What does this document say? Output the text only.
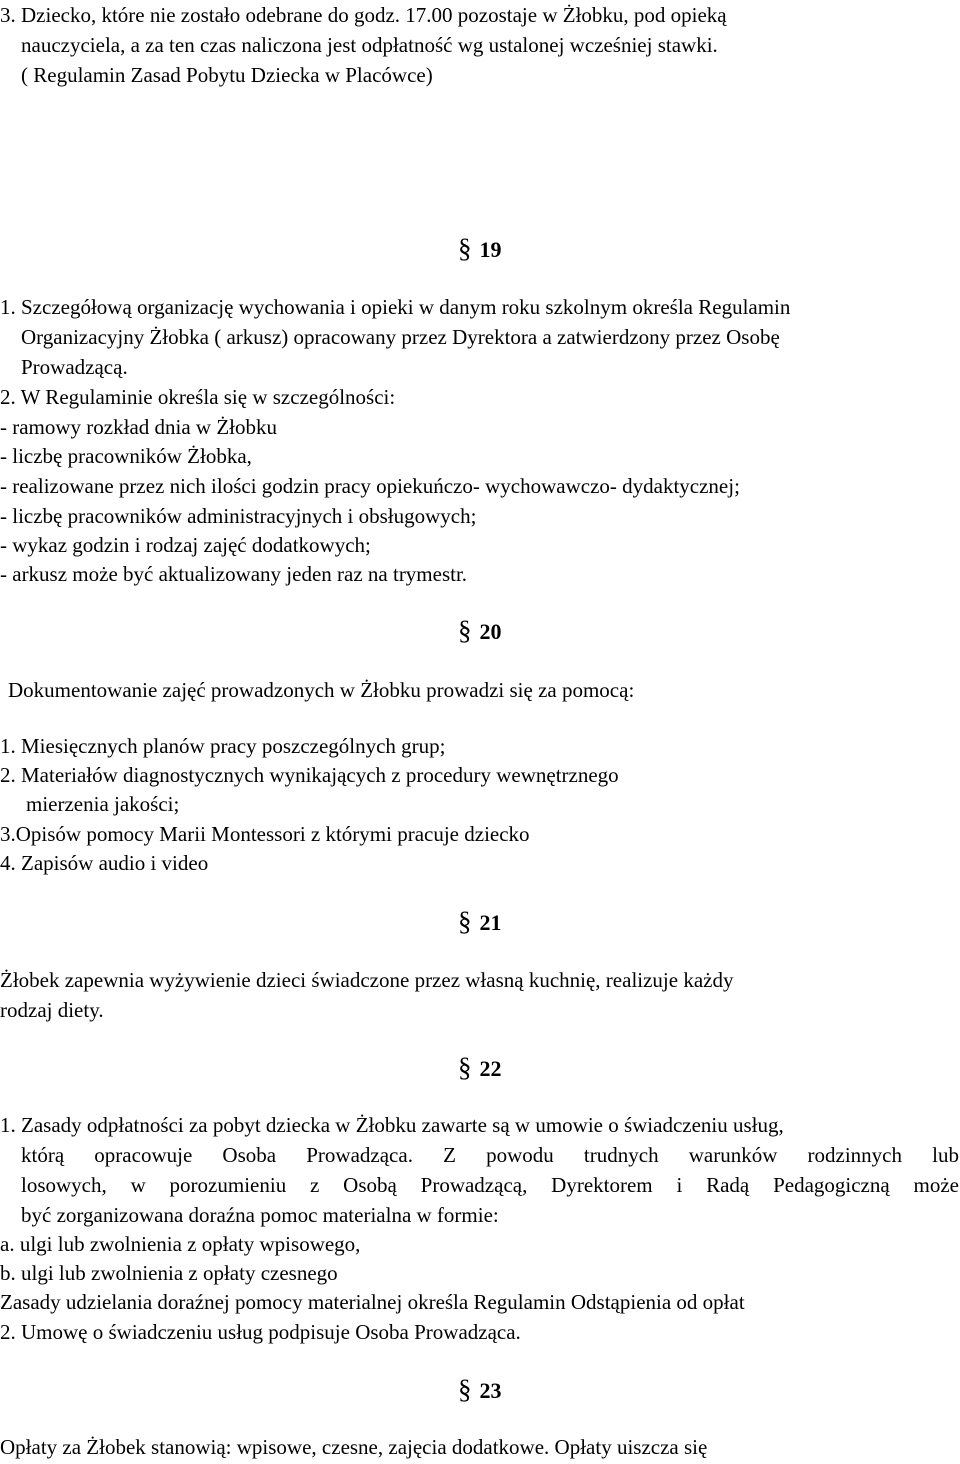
3. Dziecko, które nie zostało odebrane do godz. 17.00 pozostaje w Żłobku, pod opieką
nauczyciela, a za ten czas naliczona jest odpłatność wg ustalonej wcześniej stawki.
( Regulamin Zasad Pobytu Dziecka w Placówce)
§ 19
1. Szczegółową organizację wychowania i opieki w danym roku szkolnym określa Regulamin
Organizacyjny Żłobka ( arkusz) opracowany przez Dyrektora a zatwierdzony przez Osobę
Prowadzącą.
2. W Regulaminie określa się w szczególności:
- ramowy rozkład dnia w Żłobku
- liczbę pracowników Żłobka,
- realizowane przez nich ilości godzin pracy opiekuńczo- wychowawczo- dydaktycznej;
- liczbę pracowników administracyjnych i obsługowych;
- wykaz godzin i rodzaj zajęć dodatkowych;
- arkusz może być aktualizowany jeden raz na trymestr.
§ 20
Dokumentowanie zajęć prowadzonych w Żłobku prowadzi się za pomocą:
1. Miesięcznych planów pracy poszczególnych grup;
2. Materiałów diagnostycznych wynikających z procedury wewnętrznego
mierzenia jakości;
3.Opisów pomocy Marii Montessori z którymi pracuje dziecko
4. Zapisów audio i video
§ 21
Żłobek zapewnia wyżywienie dzieci świadczone przez własną kuchnię, realizuje każdy
rodzaj diety.
§ 22
1. Zasady odpłatności za pobyt dziecka w Żłobku zawarte są w umowie o świadczeniu usług,
którą opracowuje Osoba Prowadząca. Z powodu trudnych warunków rodzinnych lub
losowych, w porozumieniu z Osobą Prowadzącą, Dyrektorem i Radą Pedagogiczną może
być zorganizowana doraźna pomoc materialna w formie:
a. ulgi lub zwolnienia z opłaty wpisowego,
b. ulgi lub zwolnienia z opłaty czesnego
Zasady udzielania doraźnej pomocy materialnej określa Regulamin Odstąpienia od opłat
2. Umowę o świadczeniu usług podpisuje Osoba Prowadząca.
§ 23
Opłaty za Żłobek stanowią: wpisowe, czesne, zajęcia dodatkowe. Opłaty uiszcza się
